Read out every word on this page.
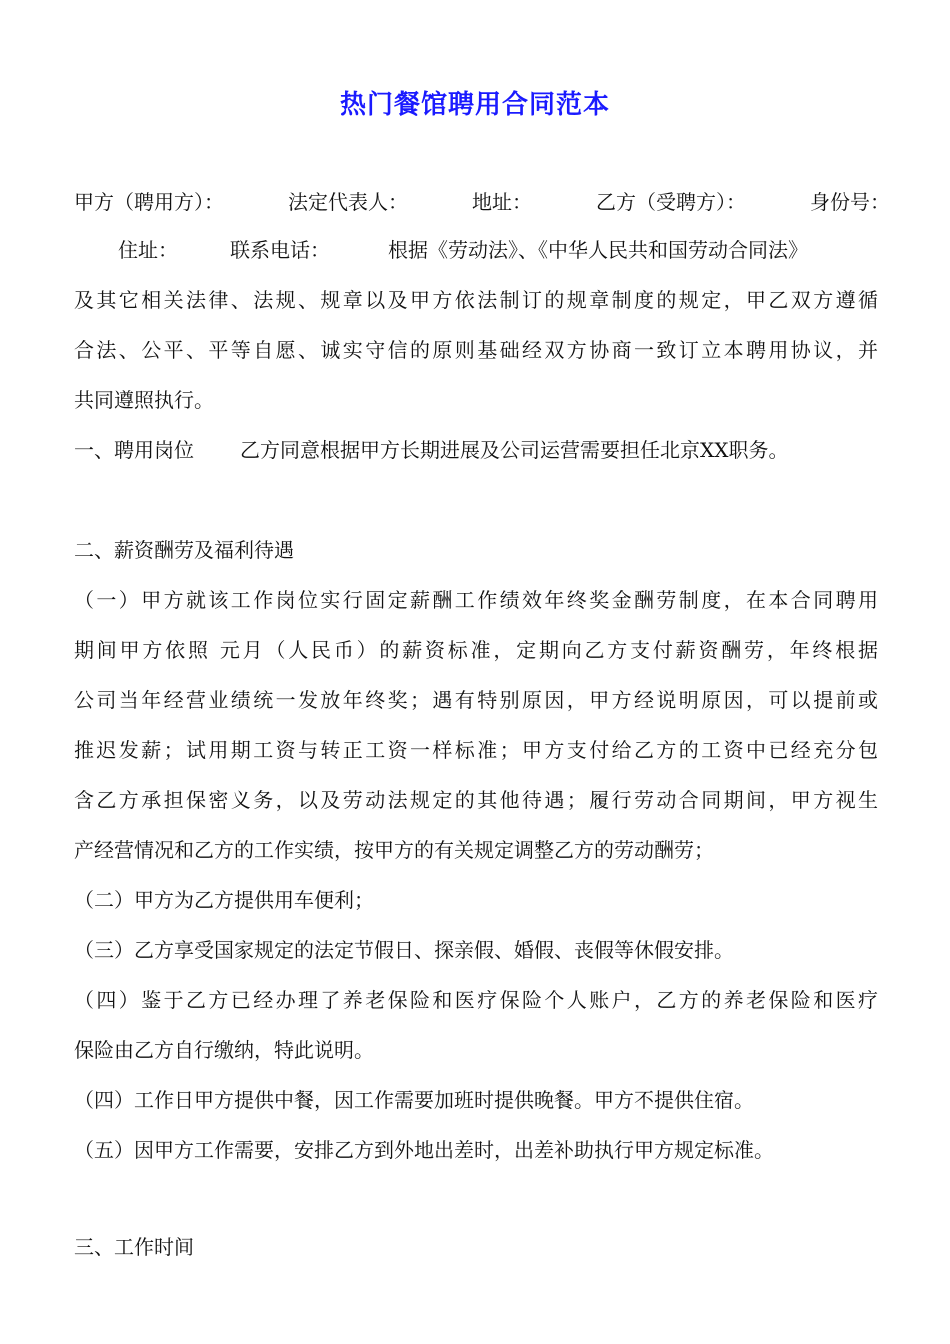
热门餐馆聘用合同范本
甲方（聘用方）：	法定代表人：	地址：	乙方（受聘方）：	身份号：
住址：	联系电话：	根据《劳动法》、《中华人民共和国劳动合同法》
及其它相关法律、法规、规章以及甲方依法制订的规章制度的规定，甲乙双方遵循
合法、公平、平等自愿、诚实守信的原则基础经双方协商一致订立本聘用协议，并
共同遵照执行。
一、聘用岗位 乙方同意根据甲方长期进展及公司运营需要担任北京XX职务。
二、薪资酬劳及福利待遇
（一）甲方就该工作岗位实行固定薪酬工作绩效年终奖金酬劳制度，在本合同聘用
期间甲方依照 元月（人民币）的薪资标准，定期向乙方支付薪资酬劳，年终根据
公司当年经营业绩统一发放年终奖；遇有特别原因，甲方经说明原因，可以提前或
推迟发薪；试用期工资与转正工资一样标准；甲方支付给乙方的工资中已经充分包
含乙方承担保密义务，以及劳动法规定的其他待遇；履行劳动合同期间，甲方视生
产经营情况和乙方的工作实绩，按甲方的有关规定调整乙方的劳动酬劳；
（二）甲方为乙方提供用车便利；
（三）乙方享受国家规定的法定节假日、探亲假、婚假、丧假等休假安排。
（四）鉴于乙方已经办理了养老保险和医疗保险个人账户，乙方的养老保险和医疗
保险由乙方自行缴纳，特此说明。
（四）工作日甲方提供中餐，因工作需要加班时提供晚餐。甲方不提供住宿。
（五）因甲方工作需要，安排乙方到外地出差时，出差补助执行甲方规定标准。
三、工作时间
